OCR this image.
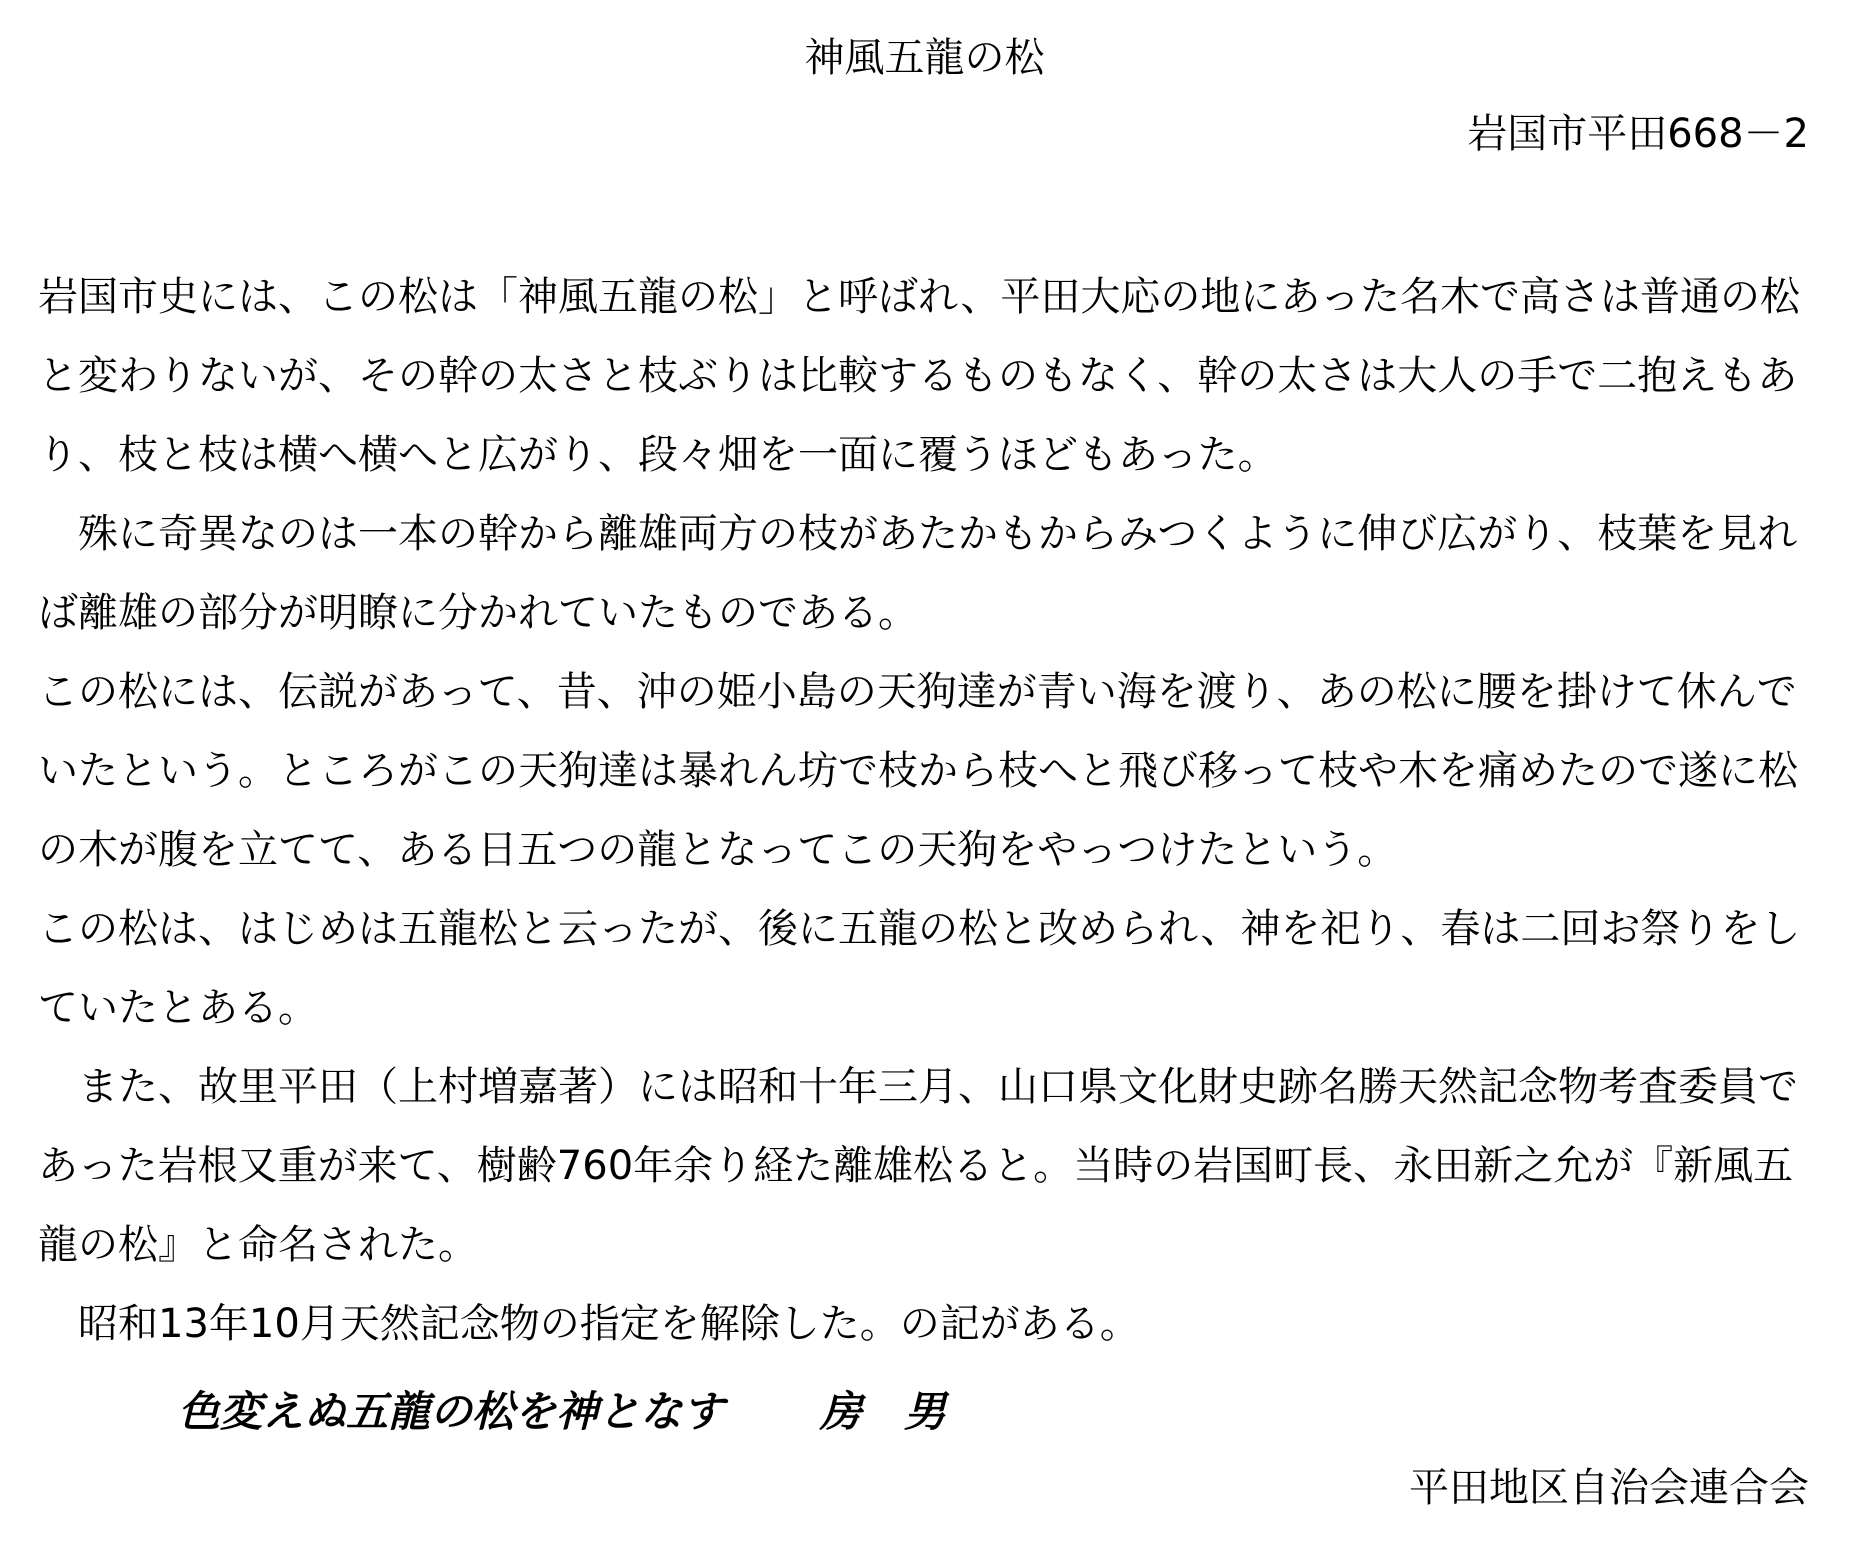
神風五龍の松
岩国市平田668－2

岩国市史には、この松は「神風五龍の松」と呼ばれ、平田大応の地にあった名木で高さは普通の松と変わりないが、その幹の太さと枝ぶりは比較するものもなく、幹の太さは大人の手で二抱えもあり、枝と枝は横へ横へと広がり、段々畑を一面に覆うほどもあった。

　殊に奇異なのは一本の幹から離雄両方の枝があたかもからみつくように伸び広がり、枝葉を見れば離雄の部分が明瞭に分かれていたものである。

この松には、伝説があって、昔、沖の姫小島の天狗達が青い海を渡り、あの松に腰を掛けて休んでいたという。ところがこの天狗達は暴れん坊で枝から枝へと飛び移って枝や木を痛めたので遂に松の木が腹を立てて、ある日五つの龍となってこの天狗をやっつけたという。

この松は、はじめは五龍松と云ったが、後に五龍の松と改められ、神を祀り、春は二回お祭りをしていたとある。

　また、故里平田（上村増嘉著）には昭和十年三月、山口県文化財史跡名勝天然記念物考査委員であった岩根又重が来て、樹齢760年余り経た離雄松ると。当時の岩国町長、永田新之允が『新風五龍の松』と命名された。

　昭和13年10月天然記念物の指定を解除した。の記がある。

色変えぬ五龍の松を神となす 房　男
平田地区自治会連合会
